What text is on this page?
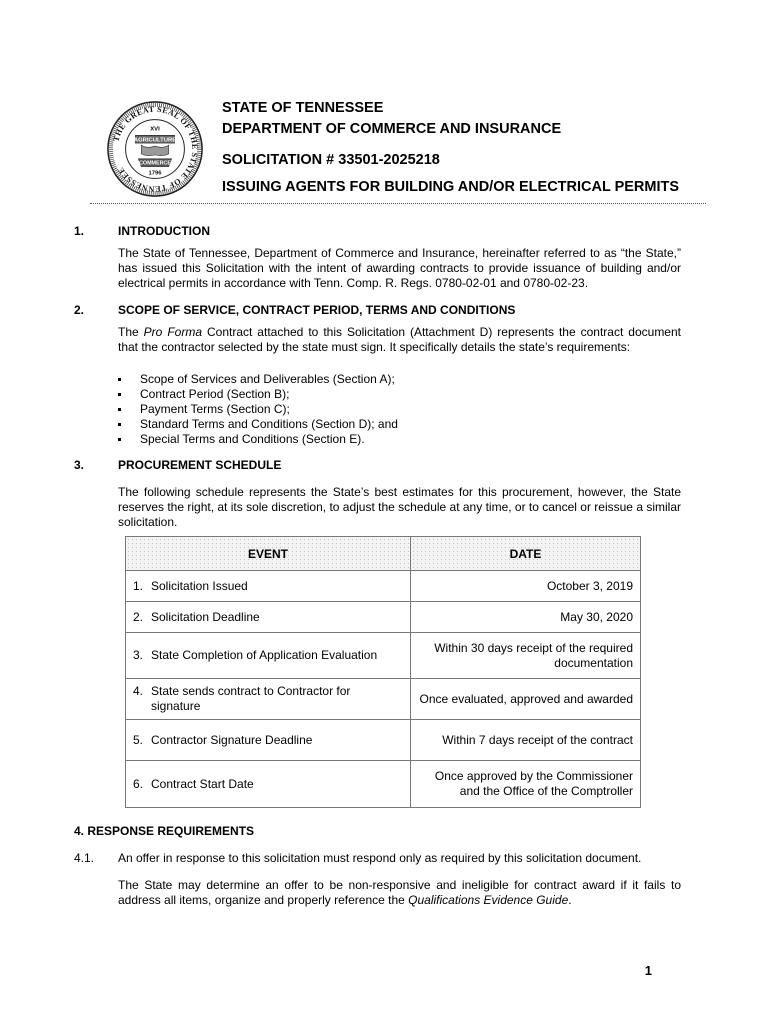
THE GREAT SEAL OF THE STATE OF TENNESSEE
XVI
AGRICULTURE
COMMERCE
1796
STATE OF TENNESSEE
DEPARTMENT OF COMMERCE AND INSURANCE
SOLICITATION # 33501-2025218
ISSUING AGENTS FOR BUILDING AND/OR ELECTRICAL PERMITS
1.	INTRODUCTION

The State of Tennessee, Department of Commerce and Insurance, hereinafter referred to as “the State,” has issued this Solicitation with the intent of awarding contracts to provide issuance of building and/or electrical permits in accordance with Tenn. Comp. R. Regs. 0780-02-01 and 0780-02-23.

2.	SCOPE OF SERVICE, CONTRACT PERIOD, TERMS AND CONDITIONS

The Pro Forma Contract attached to this Solicitation (Attachment D) represents the contract document that the contractor selected by the state must sign. It specifically details the state’s requirements:

Scope of Services and Deliverables (Section A);
Contract Period (Section B);
Payment Terms (Section C);
Standard Terms and Conditions (Section D); and
Special Terms and Conditions (Section E).
3.	PROCUREMENT SCHEDULE

The following schedule represents the State’s best estimates for this procurement, however, the State reserves the right, at its sole discretion, to adjust the schedule at any time, or to cancel or reissue a similar solicitation.

EVENT	DATE
1. Solicitation Issued	October 3, 2019
2. Solicitation Deadline	May 30, 2020
3. State Completion of Application Evaluation	Within 30 days receipt of the required documentation
4. State sends contract to Contractor for signature	Once evaluated, approved and awarded
5. Contractor Signature Deadline	Within 7 days receipt of the contract
6. Contract Start Date	Once approved by the Commissioner and the Office of the Comptroller
4. RESPONSE REQUIREMENTS
4.1. An offer in response to this solicitation must respond only as required by this solicitation document.

The State may determine an offer to be non-responsive and ineligible for contract award if it fails to address all items, organize and properly reference the Qualifications Evidence Guide.

1
